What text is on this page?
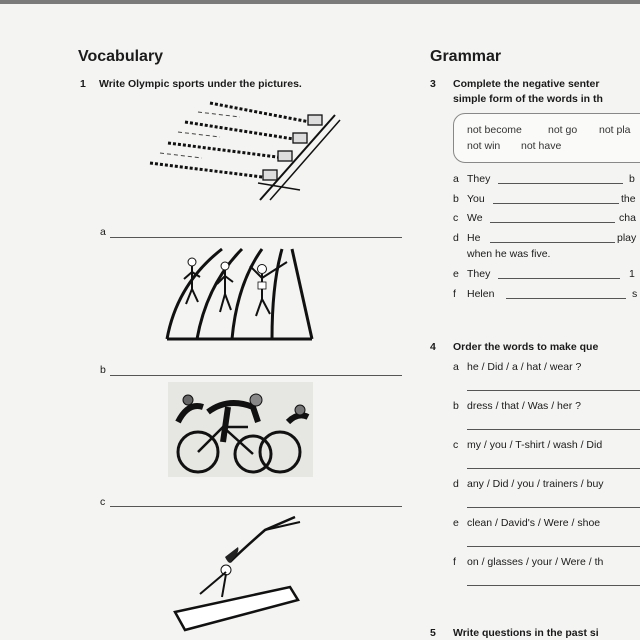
Vocabulary
1 Write Olympic sports under the pictures.
a
b
c
Grammar
3 Complete the negative senter
simple form of the words in th
not become not go not pla
not win not have
a They	b
b You	the
c We	cha
d He	play
when he was five.
e They	1
f Helen	s
4 Order the words to make que
a he / Did / a / hat / wear ?
b dress / that / Was / her ?
c my / you / T-shirt / wash / Did
d any / Did / you / trainers / buy
e clean / David's / Were / shoe
f on / glasses / your / Were / th
5 Write questions in the past si
